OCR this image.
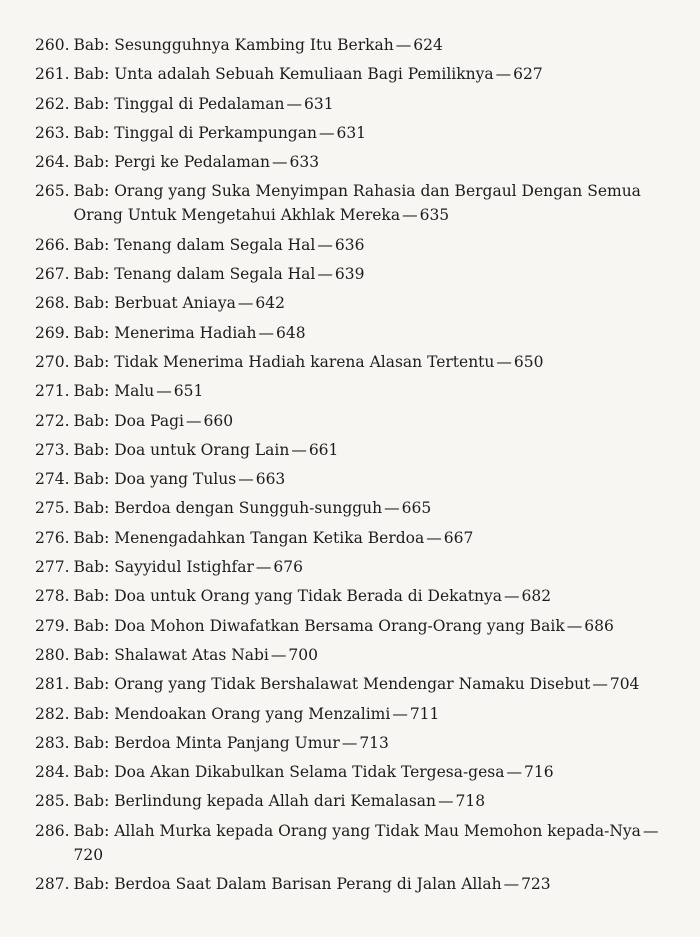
260. Bab: Sesungguhnya Kambing Itu Berkah — 624
261. Bab: Unta adalah Sebuah Kemuliaan Bagi Pemiliknya — 627
262. Bab: Tinggal di Pedalaman — 631
263. Bab: Tinggal di Perkampungan — 631
264. Bab: Pergi ke Pedalaman — 633
265. Bab: Orang yang Suka Menyimpan Rahasia dan Bergaul Dengan Semua Orang Untuk Mengetahui Akhlak Mereka — 635
266. Bab: Tenang dalam Segala Hal — 636
267. Bab: Tenang dalam Segala Hal — 639
268. Bab: Berbuat Aniaya — 642
269. Bab: Menerima Hadiah — 648
270. Bab: Tidak Menerima Hadiah karena Alasan Tertentu — 650
271. Bab: Malu — 651
272. Bab: Doa Pagi — 660
273. Bab: Doa untuk Orang Lain — 661
274. Bab: Doa yang Tulus — 663
275. Bab: Berdoa dengan Sungguh-sungguh — 665
276. Bab: Menengadahkan Tangan Ketika Berdoa — 667
277. Bab: Sayyidul Istighfar — 676
278. Bab: Doa untuk Orang yang Tidak Berada di Dekatnya — 682
279. Bab: Doa Mohon Diwafatkan Bersama Orang-Orang yang Baik — 686
280. Bab: Shalawat Atas Nabi — 700
281. Bab: Orang yang Tidak Bershalawat Mendengar Namaku Disebut — 704
282. Bab: Mendoakan Orang yang Menzalimi — 711
283. Bab: Berdoa Minta Panjang Umur — 713
284. Bab: Doa Akan Dikabulkan Selama Tidak Tergesa-gesa — 716
285. Bab: Berlindung kepada Allah dari Kemalasan — 718
286. Bab: Allah Murka kepada Orang yang Tidak Mau Memohon kepada-Nya —720
287. Bab: Berdoa Saat Dalam Barisan Perang di Jalan Allah — 723
